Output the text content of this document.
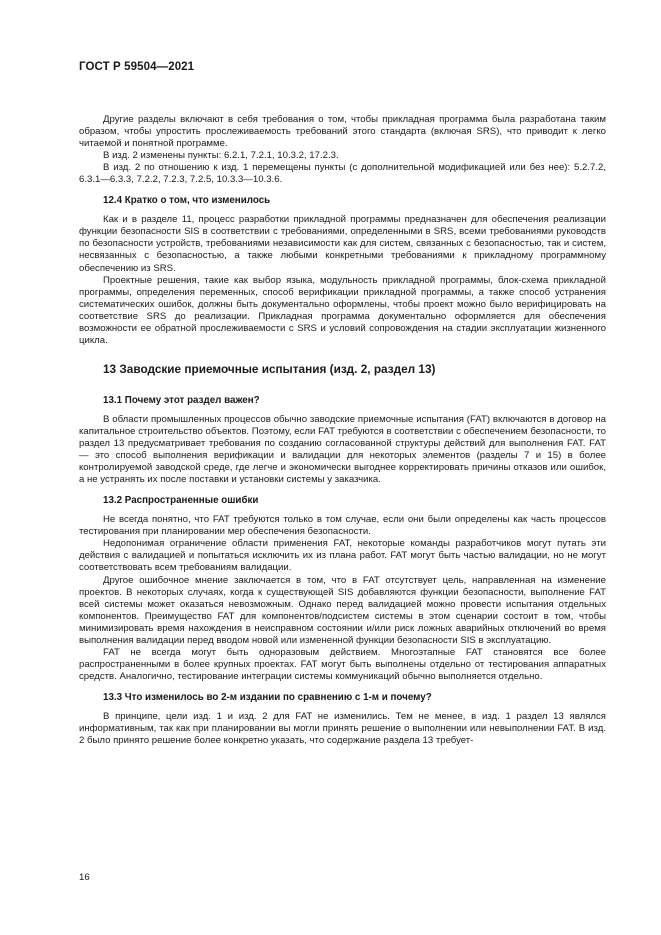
ГОСТ Р 59504—2021

Другие разделы включают в себя требования о том, чтобы прикладная программа была разработана таким образом, чтобы упростить прослеживаемость требований этого стандарта (включая SRS), что приводит к легко читаемой и понятной программе.

В изд. 2 изменены пункты: 6.2.1, 7.2.1, 10.3.2, 17.2.3.

В изд. 2 по отношению к изд. 1 перемещены пункты (с дополнительной модификацией или без нее): 5.2.7.2, 6.3.1—6.3.3, 7.2.2, 7.2.3, 7.2.5, 10.3.3—10.3.6.

12.4 Кратко о том, что изменилось

Как и в разделе 11, процесс разработки прикладной программы предназначен для обеспечения реализации функции безопасности SIS в соответствии с требованиями, определенными в SRS, всеми требованиями руководств по безопасности устройств, требованиями независимости как для систем, связанных с безопасностью, так и систем, несвязанных с безопасностью, а также любыми конкретными требованиями к прикладному программному обеспечению из SRS.

Проектные решения, такие как выбор языка, модульность прикладной программы, блок-схема прикладной программы, определения переменных, способ верификации прикладной программы, а также способ устранения систематических ошибок, должны быть документально оформлены, чтобы проект можно было верифицировать на соответствие SRS до реализации. Прикладная программа документально оформляется для обеспечения возможности ее обратной прослеживаемости с SRS и условий сопровождения на стадии эксплуатации жизненного цикла.

13 Заводские приемочные испытания (изд. 2, раздел 13)
13.1 Почему этот раздел важен?

В области промышленных процессов обычно заводские приемочные испытания (FAT) включаются в договор на капитальное строительство объектов. Поэтому, если FAT требуются в соответствии с обеспечением безопасности, то раздел 13 предусматривает требования по созданию согласованной структуры действий для выполнения FAT. FAT — это способ выполнения верификации и валидации для некоторых элементов (разделы 7 и 15) в более контролируемой заводской среде, где легче и экономически выгоднее корректировать причины отказов или ошибок, а не устранять их после поставки и установки системы у заказчика.

13.2 Распространенные ошибки

Не всегда понятно, что FAT требуются только в том случае, если они были определены как часть процессов тестирования при планировании мер обеспечения безопасности.

Недопонимая ограничение области применения FAT, некоторые команды разработчиков могут путать эти действия с валидацией и попытаться исключить их из плана работ. FAT могут быть частью валидации, но не могут соответствовать всем требованиям валидации.

Другое ошибочное мнение заключается в том, что в FAT отсутствует цель, направленная на изменение проектов. В некоторых случаях, когда к существующей SIS добавляются функции безопасности, выполнение FAT всей системы может оказаться невозможным. Однако перед валидацией можно провести испытания отдельных компонентов. Преимущество FAT для компонентов/подсистем системы в этом сценарии состоит в том, чтобы минимизировать время нахождения в неисправном состоянии и/или риск ложных аварийных отключений во время выполнения валидации перед вводом новой или измененной функции безопасности SIS в эксплуатацию.

FAT не всегда могут быть одноразовым действием. Многоэтапные FAT становятся все более распространенными в более крупных проектах. FAT могут быть выполнены отдельно от тестирования аппаратных средств. Аналогично, тестирование интеграции системы коммуникаций обычно выполняется отдельно.

13.3 Что изменилось во 2-м издании по сравнению с 1-м и почему?

В принципе, цели изд. 1 и изд. 2 для FAT не изменились. Тем не менее, в изд. 1 раздел 13 являлся информативным, так как при планировании вы могли принять решение о выполнении или невыполнении FAT. В изд. 2 было принято решение более конкретно указать, что содержание раздела 13 требует-

16
